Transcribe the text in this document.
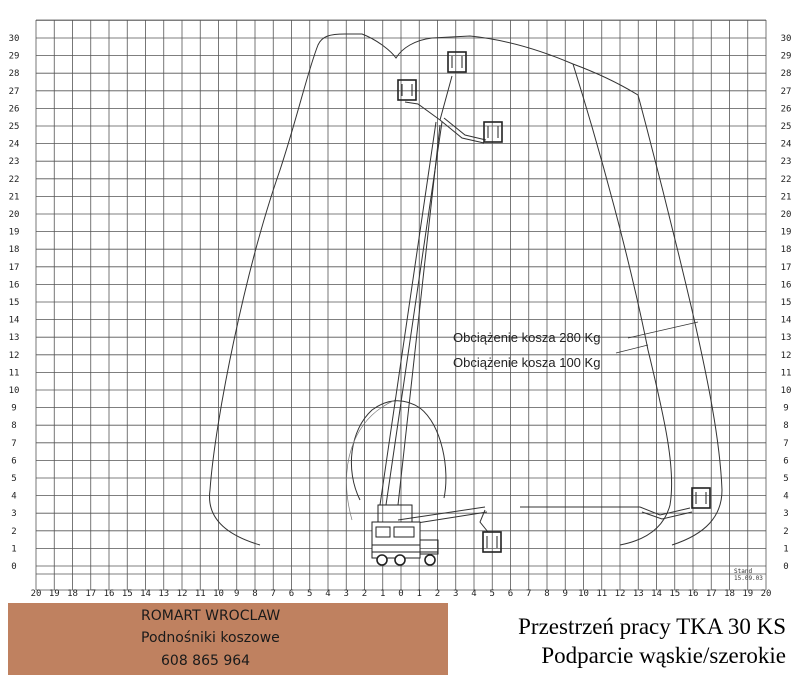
0
1
2
3
4
5
6
7
8
9
10
11
12
13
14
15
16
17
18
19
20
21
22
23
24
25
26
27
28
29
30
0
1
2
3
4
5
6
7
8
9
10
11
12
13
14
15
16
17
18
19
20
21
22
23
24
25
26
27
28
29
30
20 19 18 17 16 15 14 13 12 11 10 9 8 7 6 5 4 3 2 1 0 1 2 3 4 5 6 7 8 9 10 11 12 13 14 15 16 17 18 19 20
Obciążenie kosza 280 Kg
Obciążenie kosza 100 Kg
Stand
15.09.03
ROMART WROCLAW
Podnośniki koszowe
608 865 964
Przestrzeń pracy TKA 30 KS
Podparcie wąskie/szerokie
